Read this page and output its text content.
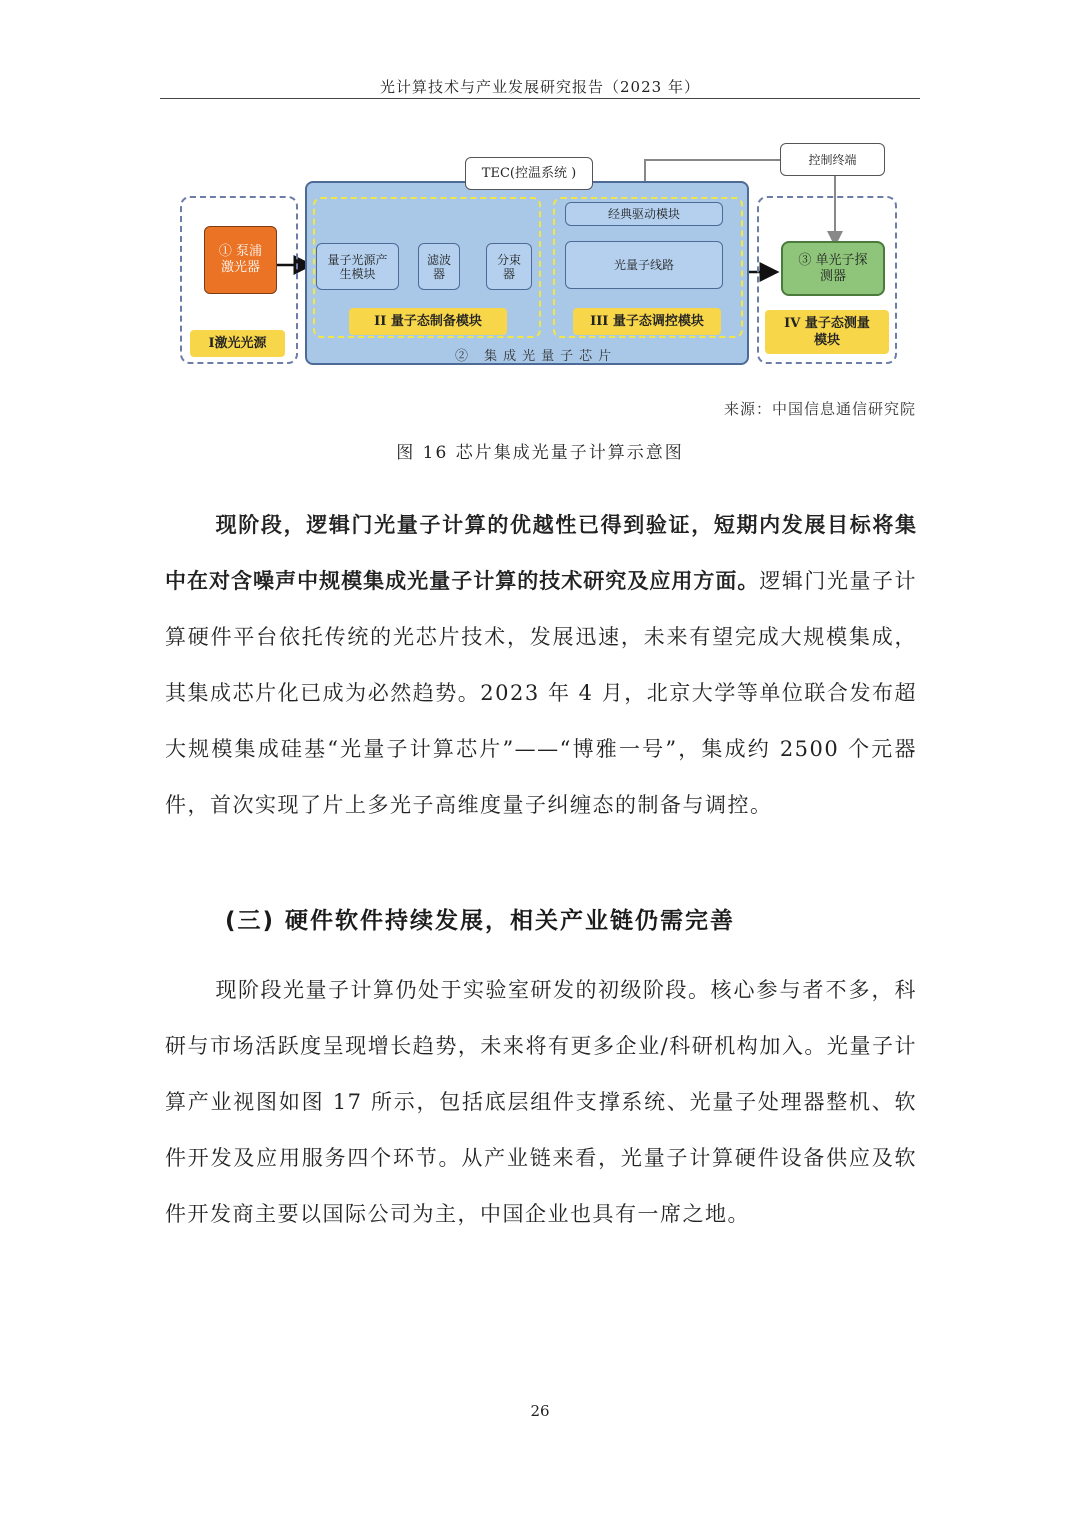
光计算技术与产业发展研究报告（2023 年）
① 泵浦
激光器
I激光光源
TEC(控温系统 )
量子光源产
生模块
滤波
器
分束
器
经典驱动模块
光量子线路
II 量子态制备模块	III 量子态调控模块
② 集成光量子芯片
控制终端
③ 单光子探
测器
IV 量子态测量
模块
来源：中国信息通信研究院
图 16 芯片集成光量子计算示意图

现阶段，逻辑门光量子计算的优越性已得到验证，短期内发展目标将集中在对含噪声中规模集成光量子计算的技术研究及应用方面。逻辑门光量子计算硬件平台依托传统的光芯片技术，发展迅速，未来有望完成大规模集成，其集成芯片化已成为必然趋势。2023 年 4 月，北京大学等单位联合发布超大规模集成硅基“光量子计算芯片”——“博雅一号”，集成约 2500 个元器件，首次实现了片上多光子高维度量子纠缠态的制备与调控。

(三) 硬件软件持续发展，相关产业链仍需完善

现阶段光量子计算仍处于实验室研发的初级阶段。核心参与者不多，科研与市场活跃度呈现增长趋势，未来将有更多企业/科研机构加入。光量子计算产业视图如图 17 所示，包括底层组件支撑系统、光量子处理器整机、软件开发及应用服务四个环节。从产业链来看，光量子计算硬件设备供应及软件开发商主要以国际公司为主，中国企业也具有一席之地。

26
